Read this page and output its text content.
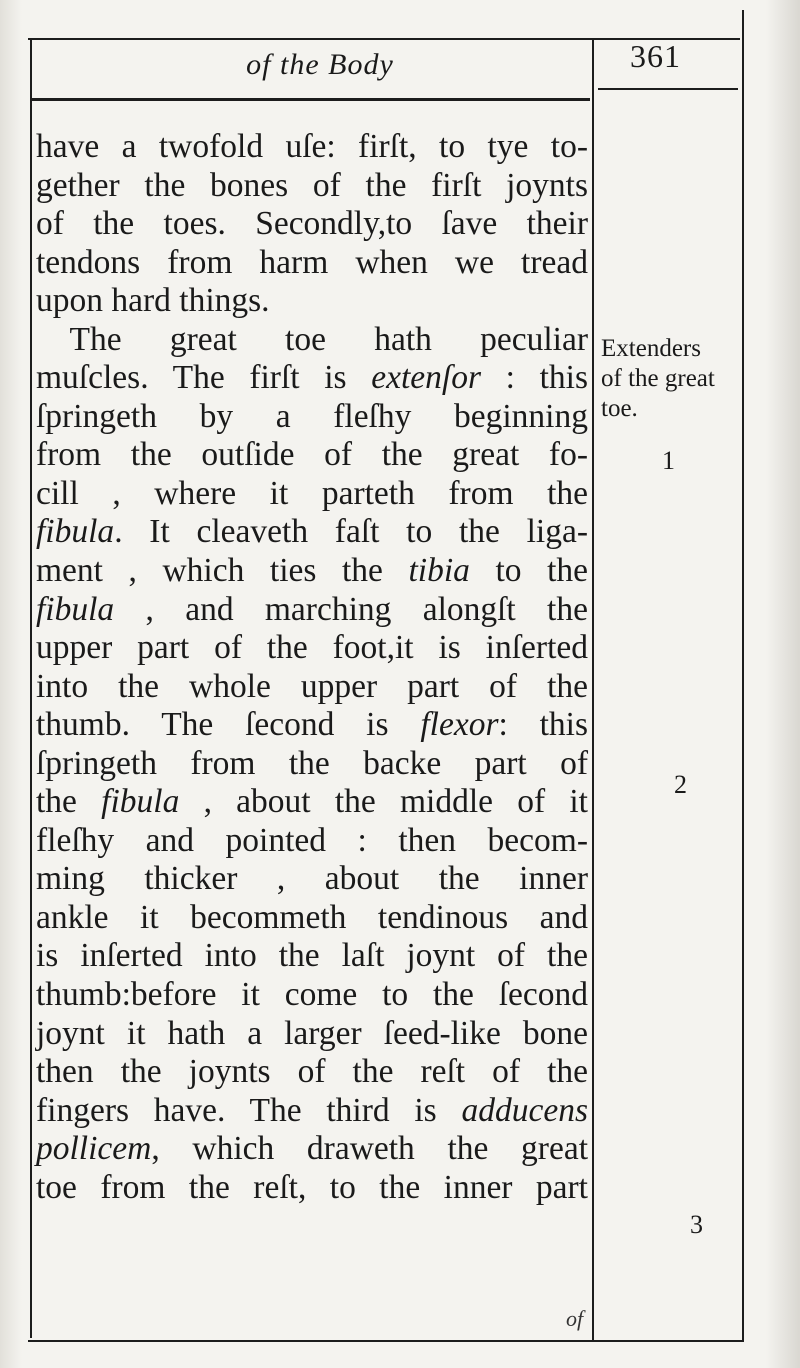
of the Body	361
have a twofold uſe: firſt, to tye to-
gether the bones of the firſt joynts
of the toes. Secondly,to ſave their
tendons from harm when we tread
upon hard things.
 The great toe hath peculiar
muſcles. The firſt is extenſor : this
ſpringeth by a fleſhy beginning
from the outſide of the great fo-
cill , where it parteth from the
fibula. It cleaveth faſt to the liga-
ment , which ties the tibia to the
fibula , and marching alongſt the
upper part of the foot,it is inſerted
into the whole upper part of the
thumb. The ſecond is flexor: this
ſpringeth from the backe part of
the fibula , about the middle of it
fleſhy and pointed : then becom-
ming thicker , about the inner
ankle it becommeth tendinous and
is inſerted into the laſt joynt of the
thumb:before it come to the ſecond
joynt it hath a larger ſeed-like bone
then the joynts of the reſt of the
fingers have. The third is adducens
pollicem, which draweth the great
toe from the reſt, to the inner part
Extenders
of the great
toe.
1
2
3
of
